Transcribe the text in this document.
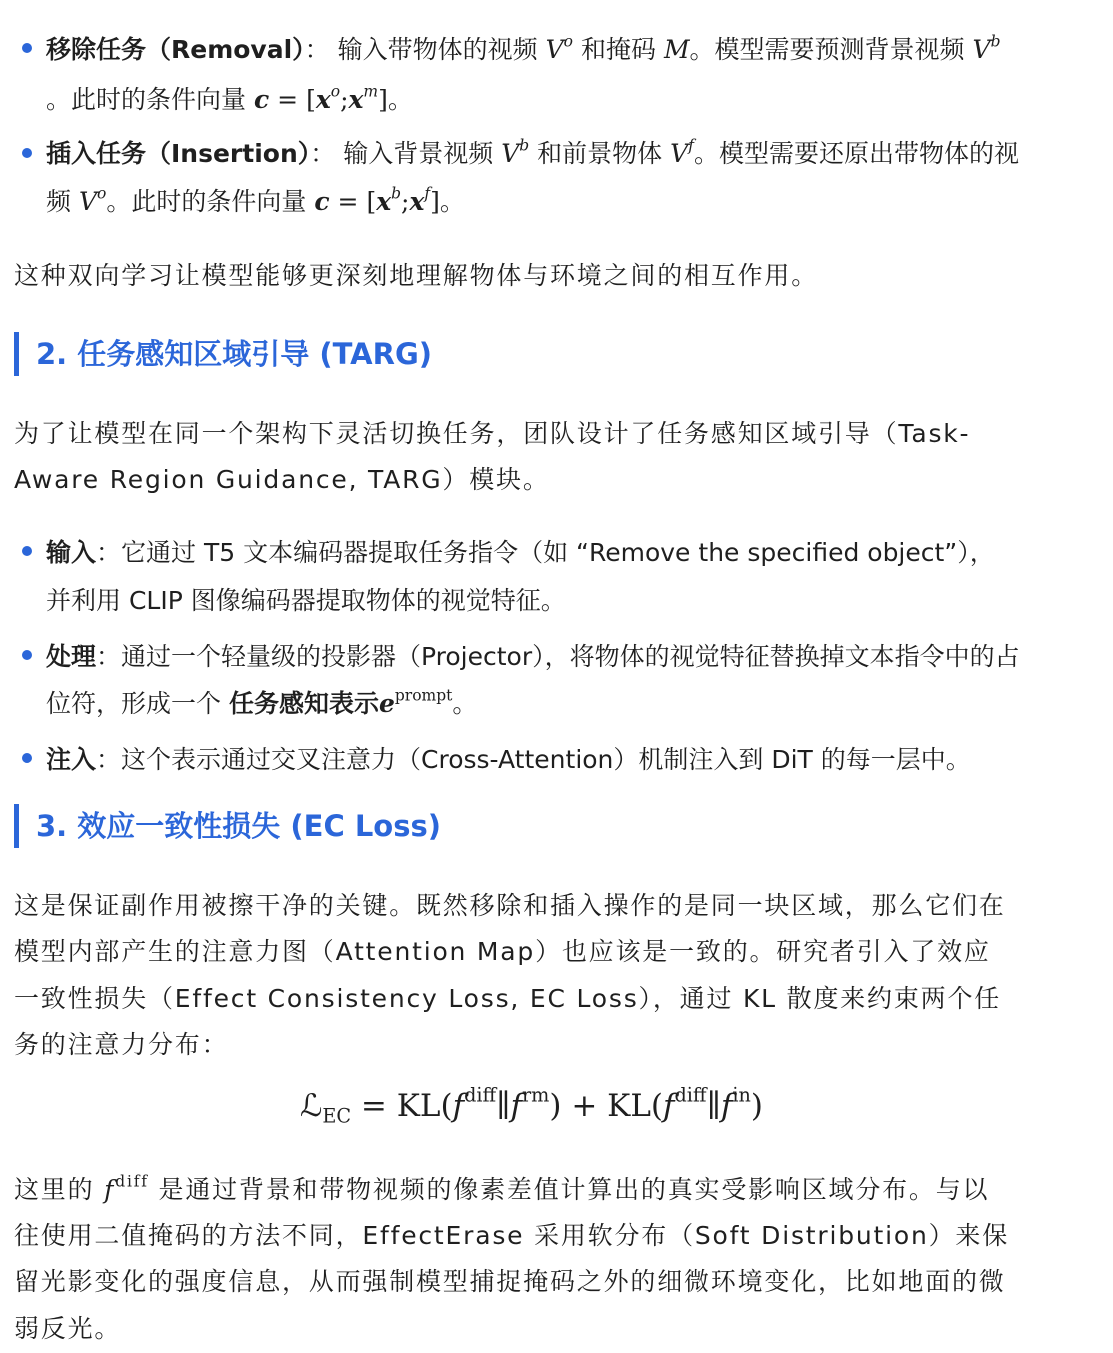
移除任务（Removal）： 输入带物体的视频 $V^o$ 和掩码 M。模型需要预测背景视频 $V^b$
。此时的条件向量 $c = [x^o;x^m]$。
插入任务（Insertion）： 输入背景视频 $V^b$ 和前景物体 $V^f$。模型需要还原出带物体的视
频 $V^o$。此时的条件向量 $c = [x^b;x^f]$。
这种双向学习让模型能够更深刻地理解物体与环境之间的相互作用。
2. 任务感知区域引导 (TARG)
为了让模型在同一个架构下灵活切换任务，团队设计了任务感知区域引导（Task-
Aware Region Guidance, TARG）模块。
输入：它通过 T5 文本编码器提取任务指令（如 “Remove the specified object”），
并利用 CLIP 图像编码器提取物体的视觉特征。
处理：通过一个轻量级的投影器（Projector），将物体的视觉特征替换掉文本指令中的占
位符，形成一个 任务感知表示$e^{prompt}$。
注入：这个表示通过交叉注意力（Cross-Attention）机制注入到 DiT 的每一层中。
3. 效应一致性损失 (EC Loss)
这是保证副作用被擦干净的关键。既然移除和插入操作的是同一块区域，那么它们在
模型内部产生的注意力图（Attention Map）也应该是一致的。研究者引入了效应
一致性损失（Effect Consistency Loss, EC Loss），通过 KL 散度来约束两个任
务的注意力分布：
ℒ$_{EC}$ = $KL(f^{diff}\parallel f^{rm})$ + $KL(f^{diff}\parallel f^{in})$
这里的 $f^{diff}$ 是通过背景和带物视频的像素差值计算出的真实受影响区域分布。与以
往使用二值掩码的方法不同，EffectErase 采用软分布（Soft Distribution）来保
留光影变化的强度信息，从而强制模型捕捉掩码之外的细微环境变化，比如地面的微
弱反光。
